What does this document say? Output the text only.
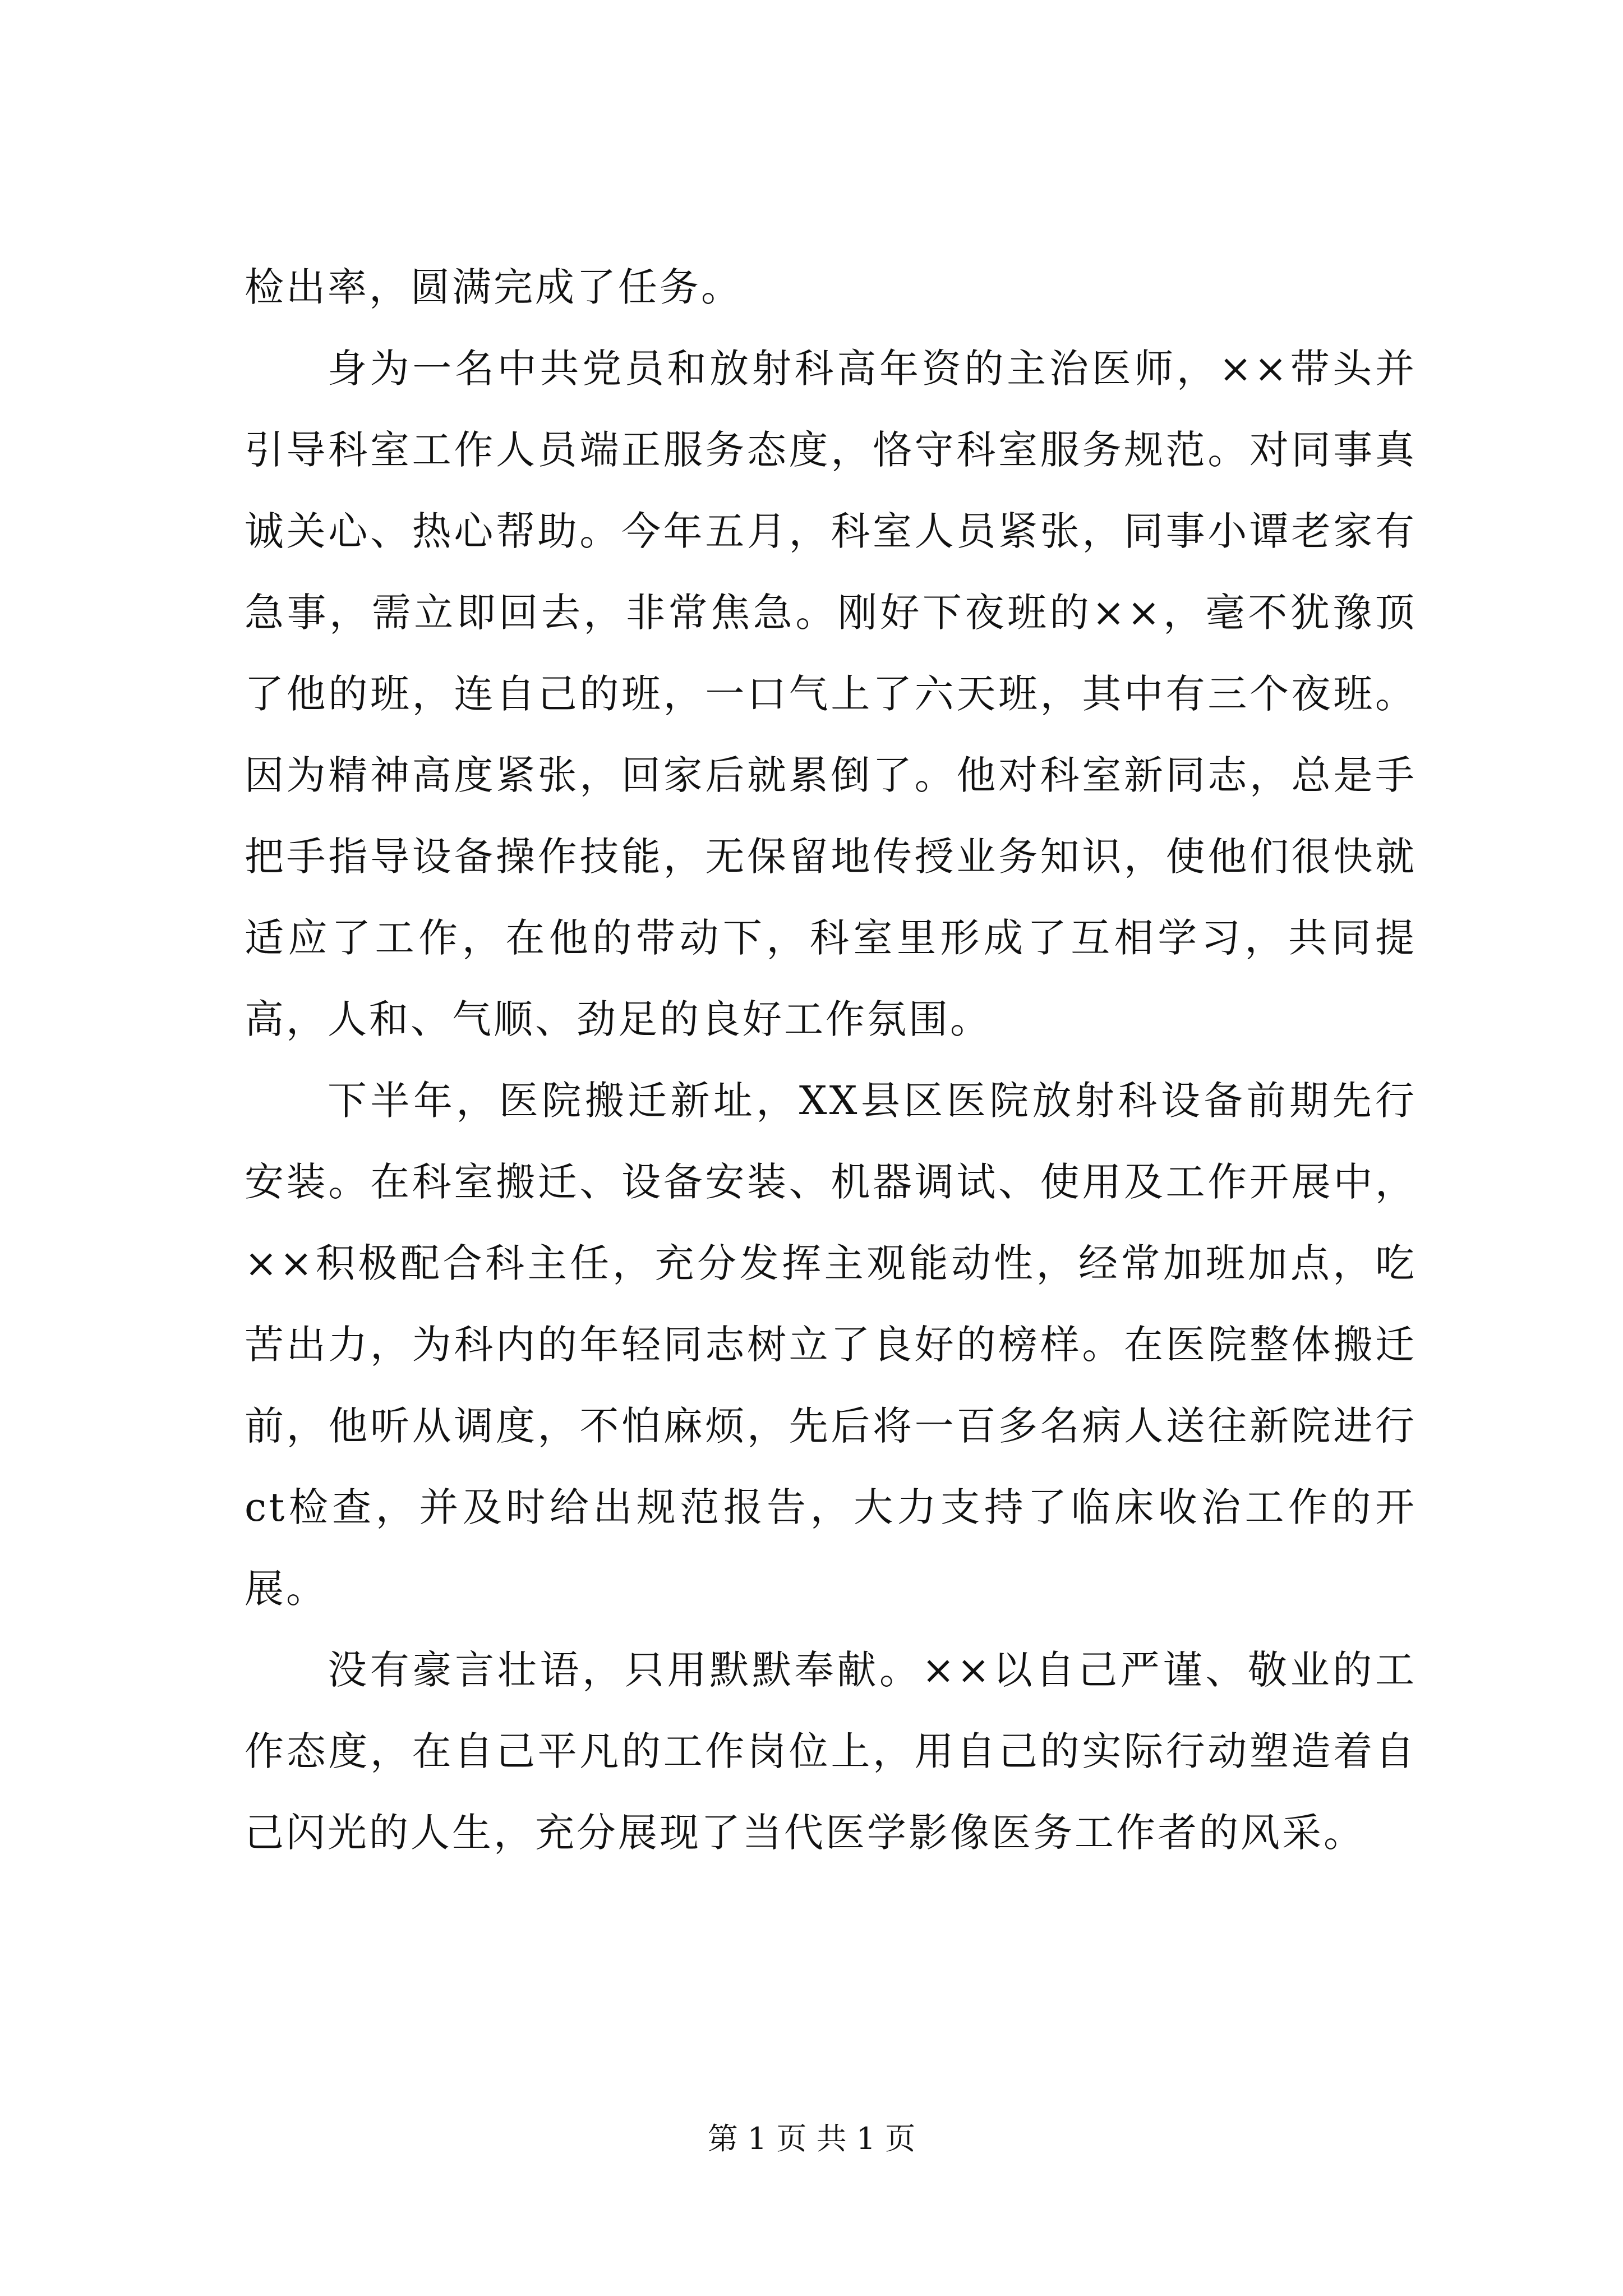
检出率，圆满完成了任务。

身为一名中共党员和放射科高年资的主治医师，××带头并引导科室工作人员端正服务态度，恪守科室服务规范。对同事真诚关心、热心帮助。今年五月，科室人员紧张，同事小谭老家有急事，需立即回去，非常焦急。刚好下夜班的××，毫不犹豫顶了他的班，连自己的班，一口气上了六天班，其中有三个夜班。因为精神高度紧张，回家后就累倒了。他对科室新同志，总是手把手指导设备操作技能，无保留地传授业务知识，使他们很快就适应了工作，在他的带动下，科室里形成了互相学习，共同提高，人和、气顺、劲足的良好工作氛围。

下半年，医院搬迁新址，XX县区医院放射科设备前期先行安装。在科室搬迁、设备安装、机器调试、使用及工作开展中，××积极配合科主任，充分发挥主观能动性，经常加班加点，吃苦出力，为科内的年轻同志树立了良好的榜样。在医院整体搬迁前，他听从调度，不怕麻烦，先后将一百多名病人送往新院进行ct检查，并及时给出规范报告，大力支持了临床收治工作的开展。

没有豪言壮语，只用默默奉献。××以自己严谨、敬业的工作态度，在自己平凡的工作岗位上，用自己的实际行动塑造着自己闪光的人生，充分展现了当代医学影像医务工作者的风采。

第 1 页 共 1 页
